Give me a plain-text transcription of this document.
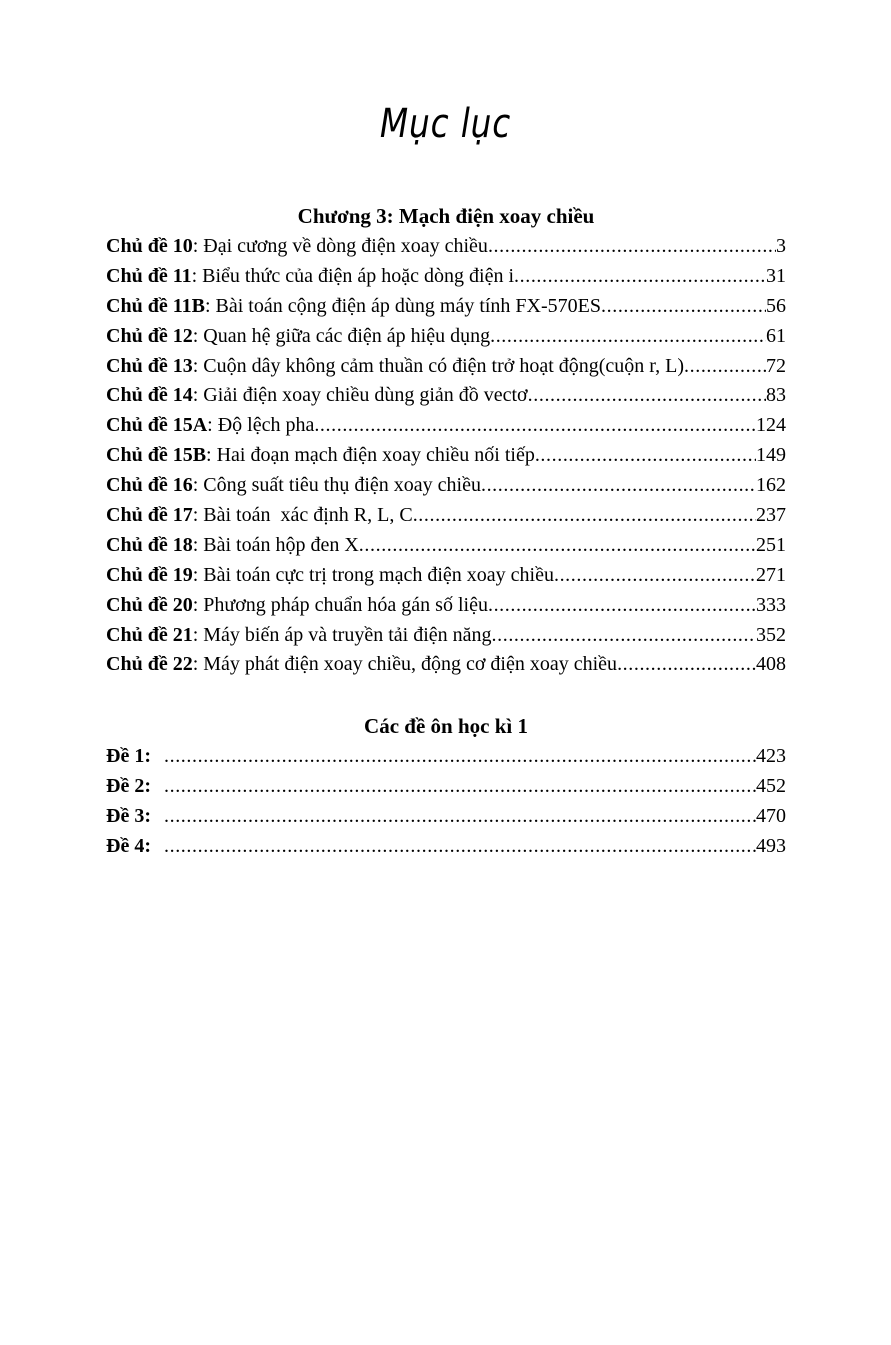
Mục lục
Chương 3: Mạch điện xoay chiều
Chủ đề 10 : Đại cương về dòng điện xoay chiều .....	3
Chủ đề 11 : Biểu thức của điện áp hoặc dòng điện i .....	31
Chủ đề 11B : Bài toán cộng điện áp dùng máy tính FX-570ES .....	56
Chủ đề 12 : Quan hệ giữa các điện áp hiệu dụng .....	61
Chủ đề 13 : Cuộn dây không cảm thuần có điện trở hoạt động(cuộn r, L) .....	72
Chủ đề 14 : Giải điện xoay chiều dùng giản đồ vectơ .....	83
Chủ đề 15A : Độ lệch pha .....	124
Chủ đề 15B : Hai đoạn mạch điện xoay chiều nối tiếp .....	149
Chủ đề 16 : Công suất tiêu thụ điện xoay chiều .....	162
Chủ đề 17 : Bài toán  xác định R, L, C .....	237
Chủ đề 18 : Bài toán hộp đen X .....	251
Chủ đề 19 : Bài toán cực trị trong mạch điện xoay chiều .....	271
Chủ đề 20 : Phương pháp chuẩn hóa gán số liệu .....	333
Chủ đề 21 : Máy biến áp và truyền tải điện năng .....	352
Chủ đề 22 : Máy phát điện xoay chiều, động cơ điện xoay chiều .....	408
Các đề ôn học kì 1
Đề 1: .....	423
Đề 2: .....	452
Đề 3: .....	470
Đề 4: .....	493
